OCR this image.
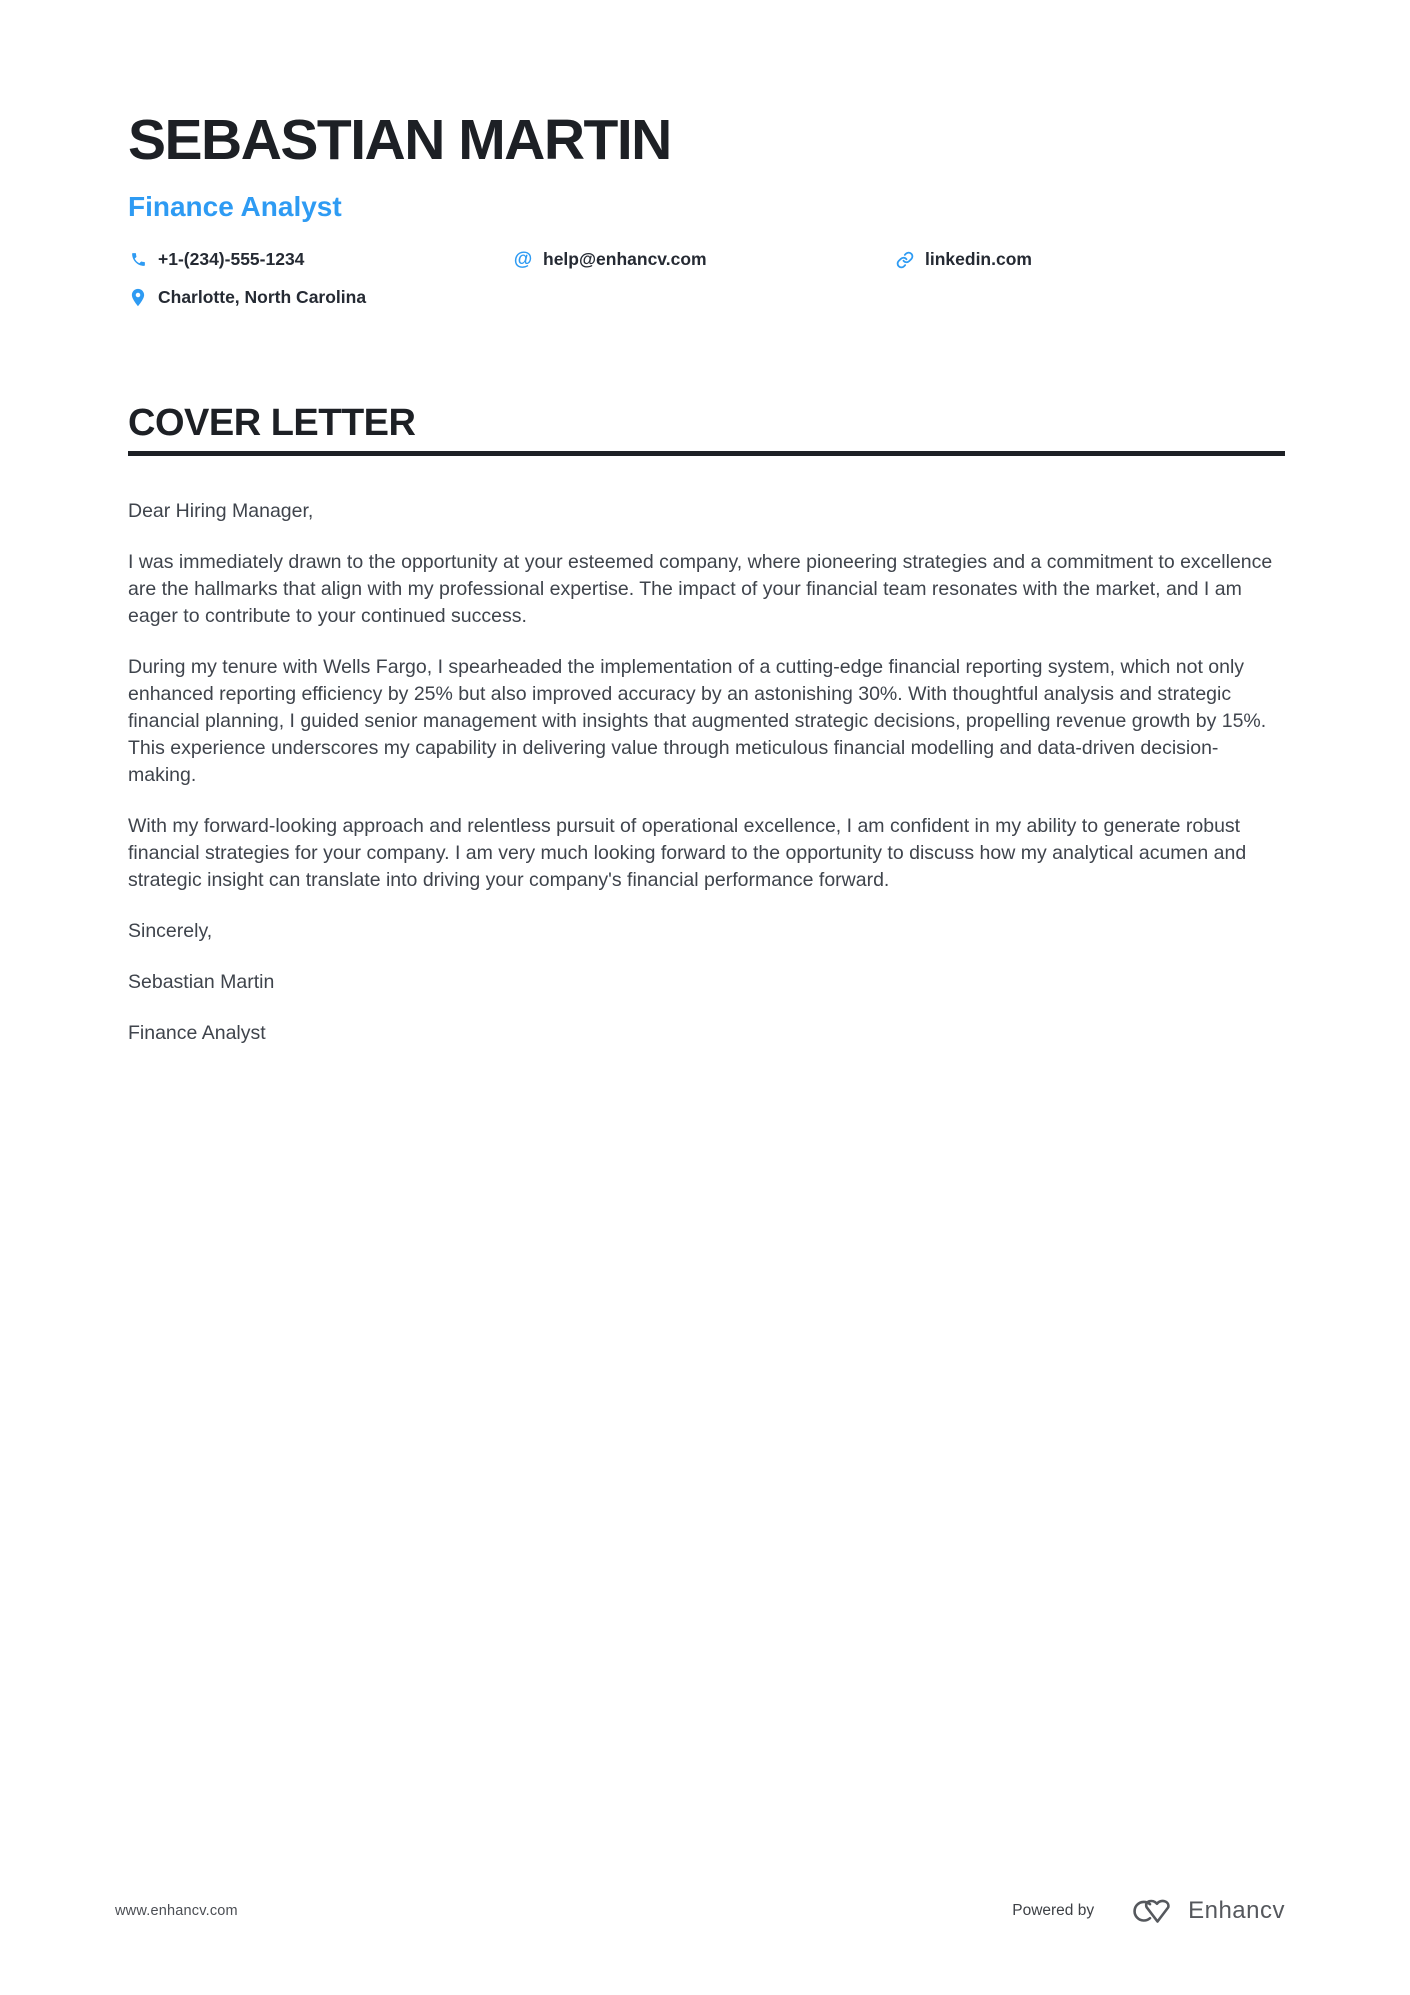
SEBASTIAN MARTIN
Finance Analyst
+1-(234)-555-1234	@ help@enhancv.com	linkedin.com
Charlotte, North Carolina
COVER LETTER

Dear Hiring Manager,

I was immediately drawn to the opportunity at your esteemed company, where pioneering strategies and a commitment to excellence are the hallmarks that align with my professional expertise. The impact of your financial team resonates with the market, and I am eager to contribute to your continued success.

During my tenure with Wells Fargo, I spearheaded the implementation of a cutting-edge financial reporting system, which not only enhanced reporting efficiency by 25% but also improved accuracy by an astonishing 30%. With thoughtful analysis and strategic financial planning, I guided senior management with insights that augmented strategic decisions, propelling revenue growth by 15%. This experience underscores my capability in delivering value through meticulous financial modelling and data-driven decision-making.

With my forward-looking approach and relentless pursuit of operational excellence, I am confident in my ability to generate robust financial strategies for your company. I am very much looking forward to the opportunity to discuss how my analytical acumen and strategic insight can translate into driving your company's financial performance forward.

Sincerely,

Sebastian Martin

Finance Analyst

www.enhancv.com	Powered by	Enhancv
